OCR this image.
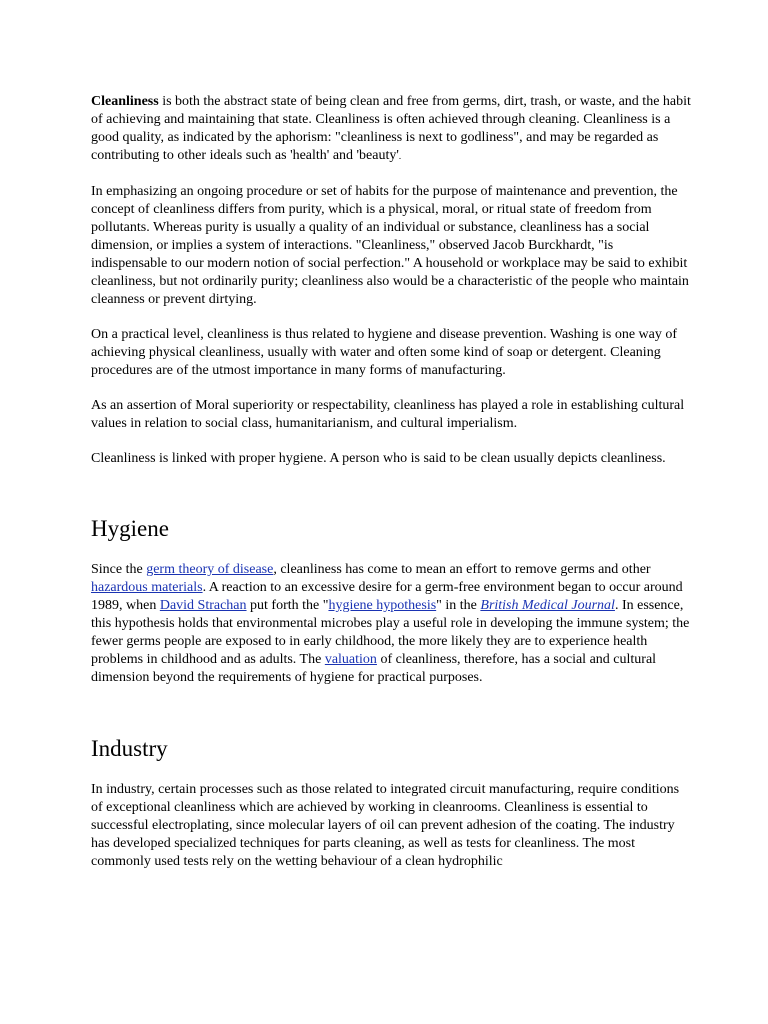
Cleanliness is both the abstract state of being clean and free from germs, dirt, trash, or waste, and the habit of achieving and maintaining that state. Cleanliness is often achieved through cleaning. Cleanliness is a good quality, as indicated by the aphorism: "cleanliness is next to godliness", and may be regarded as contributing to other ideals such as 'health' and 'beauty'.

In emphasizing an ongoing procedure or set of habits for the purpose of maintenance and prevention, the concept of cleanliness differs from purity, which is a physical, moral, or ritual state of freedom from pollutants. Whereas purity is usually a quality of an individual or substance, cleanliness has a social dimension, or implies a system of interactions. "Cleanliness," observed Jacob Burckhardt, "is indispensable to our modern notion of social perfection." A household or workplace may be said to exhibit cleanliness, but not ordinarily purity; cleanliness also would be a characteristic of the people who maintain cleanness or prevent dirtying.

On a practical level, cleanliness is thus related to hygiene and disease prevention. Washing is one way of achieving physical cleanliness, usually with water and often some kind of soap or detergent. Cleaning procedures are of the utmost importance in many forms of manufacturing.

As an assertion of Moral superiority or respectability, cleanliness has played a role in establishing cultural values in relation to social class, humanitarianism, and cultural imperialism.

Cleanliness is linked with proper hygiene. A person who is said to be clean usually depicts cleanliness.

Hygiene

Since the germ theory of disease, cleanliness has come to mean an effort to remove germs and other hazardous materials. A reaction to an excessive desire for a germ-free environment began to occur around 1989, when David Strachan put forth the "hygiene hypothesis" in the British Medical Journal. In essence, this hypothesis holds that environmental microbes play a useful role in developing the immune system; the fewer germs people are exposed to in early childhood, the more likely they are to experience health problems in childhood and as adults. The valuation of cleanliness, therefore, has a social and cultural dimension beyond the requirements of hygiene for practical purposes.

Industry

In industry, certain processes such as those related to integrated circuit manufacturing, require conditions of exceptional cleanliness which are achieved by working in cleanrooms. Cleanliness is essential to successful electroplating, since molecular layers of oil can prevent adhesion of the coating. The industry has developed specialized techniques for parts cleaning, as well as tests for cleanliness. The most commonly used tests rely on the wetting behaviour of a clean hydrophilic
